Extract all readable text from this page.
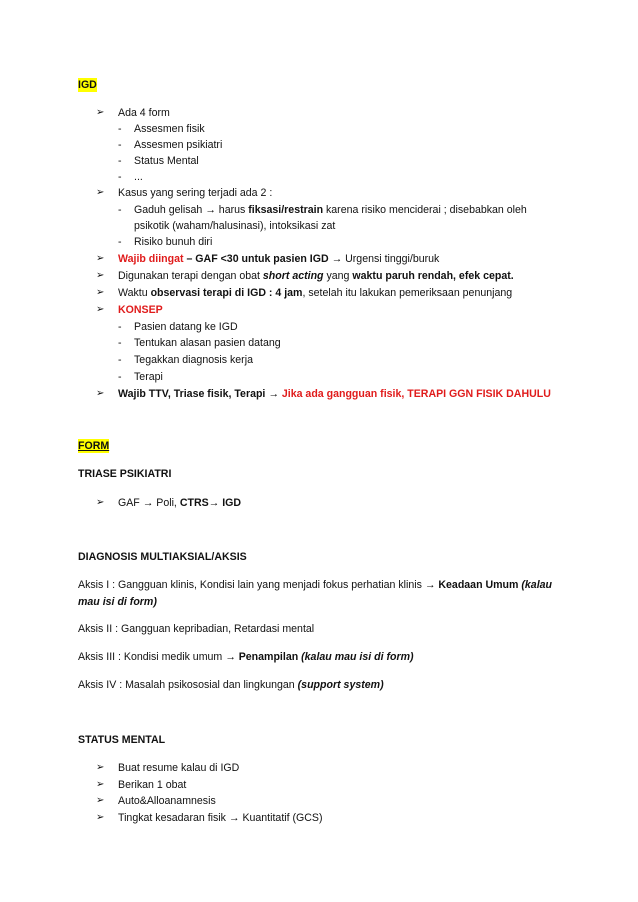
IGD
➢ Ada 4 form
- Assesmen fisik
- Assesmen psikiatri
- Status Mental
- ...
➢ Kasus yang sering terjadi ada 2 :
- Gaduh gelisah → harus fiksasi/restrain karena risiko menciderai ; disebabkan oleh
psikotik (waham/halusinasi), intoksikasi zat
- Risiko bunuh diri
➢ Wajib diingat – GAF <30 untuk pasien IGD → Urgensi tinggi/buruk
➢ Digunakan terapi dengan obat short acting yang waktu paruh rendah, efek cepat.
➢ Waktu observasi terapi di IGD : 4 jam, setelah itu lakukan pemeriksaan penunjang
➢ KONSEP
- Pasien datang ke IGD
- Tentukan alasan pasien datang
- Tegakkan diagnosis kerja
- Terapi
➢ Wajib TTV, Triase fisik, Terapi → Jika ada gangguan fisik, TERAPI GGN FISIK DAHULU
FORM
TRIASE PSIKIATRI
➢ GAF → Poli, CTRS→ IGD
DIAGNOSIS MULTIAKSIAL/AKSIS
Aksis I : Gangguan klinis, Kondisi lain yang menjadi fokus perhatian klinis → Keadaan Umum (kalau
mau isi di form)
Aksis II : Gangguan kepribadian, Retardasi mental
Aksis III : Kondisi medik umum → Penampilan (kalau mau isi di form)
Aksis IV : Masalah psikososial dan lingkungan (support system)
STATUS MENTAL
➢ Buat resume kalau di IGD
➢ Berikan 1 obat
➢ Auto&Alloanamnesis
➢ Tingkat kesadaran fisik → Kuantitatif (GCS)
